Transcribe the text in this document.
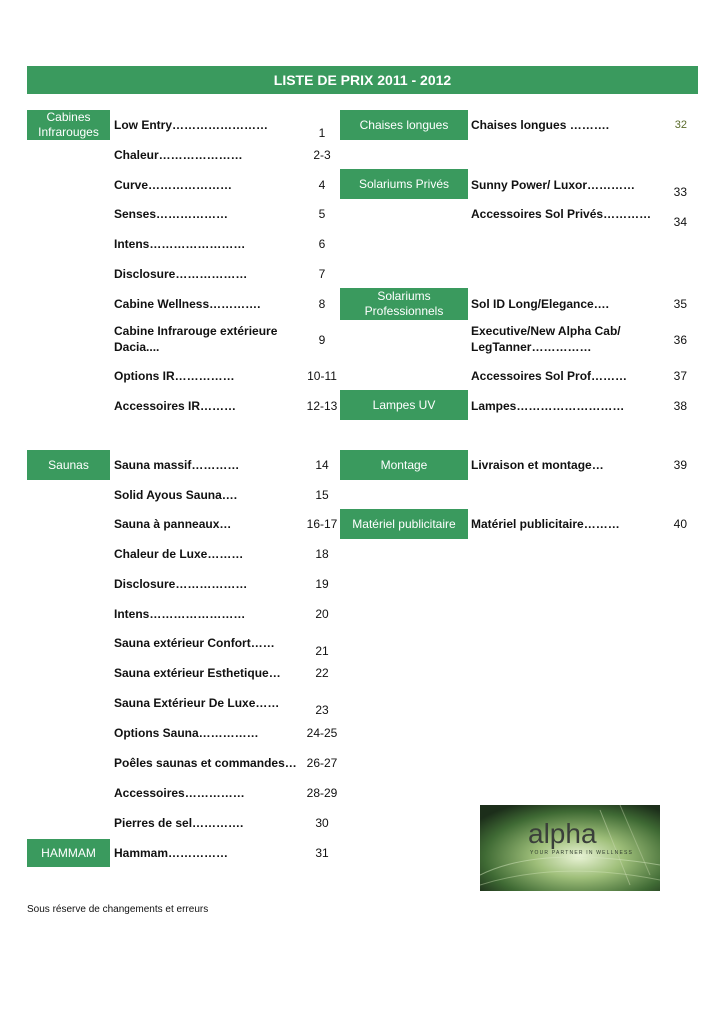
LISTE DE PRIX 2011 - 2012
Cabines Infrarouges
Saunas
HAMMAM
Low Entry……………………
1
Chaleur…………………	2-3
Curve…………………	4
Senses………………	5
Intens……………………	6
Disclosure………………	7
Cabine Wellness………….	8
Cabine Infrarouge extérieure Dacia....	9
Options IR……………	10-11
Accessoires IR………	12-13
Sauna massif…………	14
Solid Ayous Sauna….	15
Sauna à panneaux…	16-17
Chaleur de Luxe………	18
Disclosure………………	19
Intens……………………	20
Sauna extérieur Confort……
21
Sauna extérieur Esthetique…	22
Sauna Extérieur De Luxe……	23
Options Sauna……………	24-25
Poêles saunas et commandes… 26-27
Accessoires……………	28-29
Pierres de sel………….	30
Hammam……………	31
Chaises longues
Solariums Privés
Solariums Professionnels
Lampes UV
Montage
Matériel publicitaire
Chaises longues ……….	32
Sunny Power/ Luxor…………	33
Accessoires Sol Privés…………
34
Sol ID Long/Elegance….	35
Executive/New Alpha Cab/ LegTanner……………	36
Accessoires Sol Prof………	37
Lampes………………………	38
Livraison et montage…	39
Matériel publicitaire………	40
alpha
YOUR PARTNER IN WELLNESS
Sous réserve de changements et erreurs
